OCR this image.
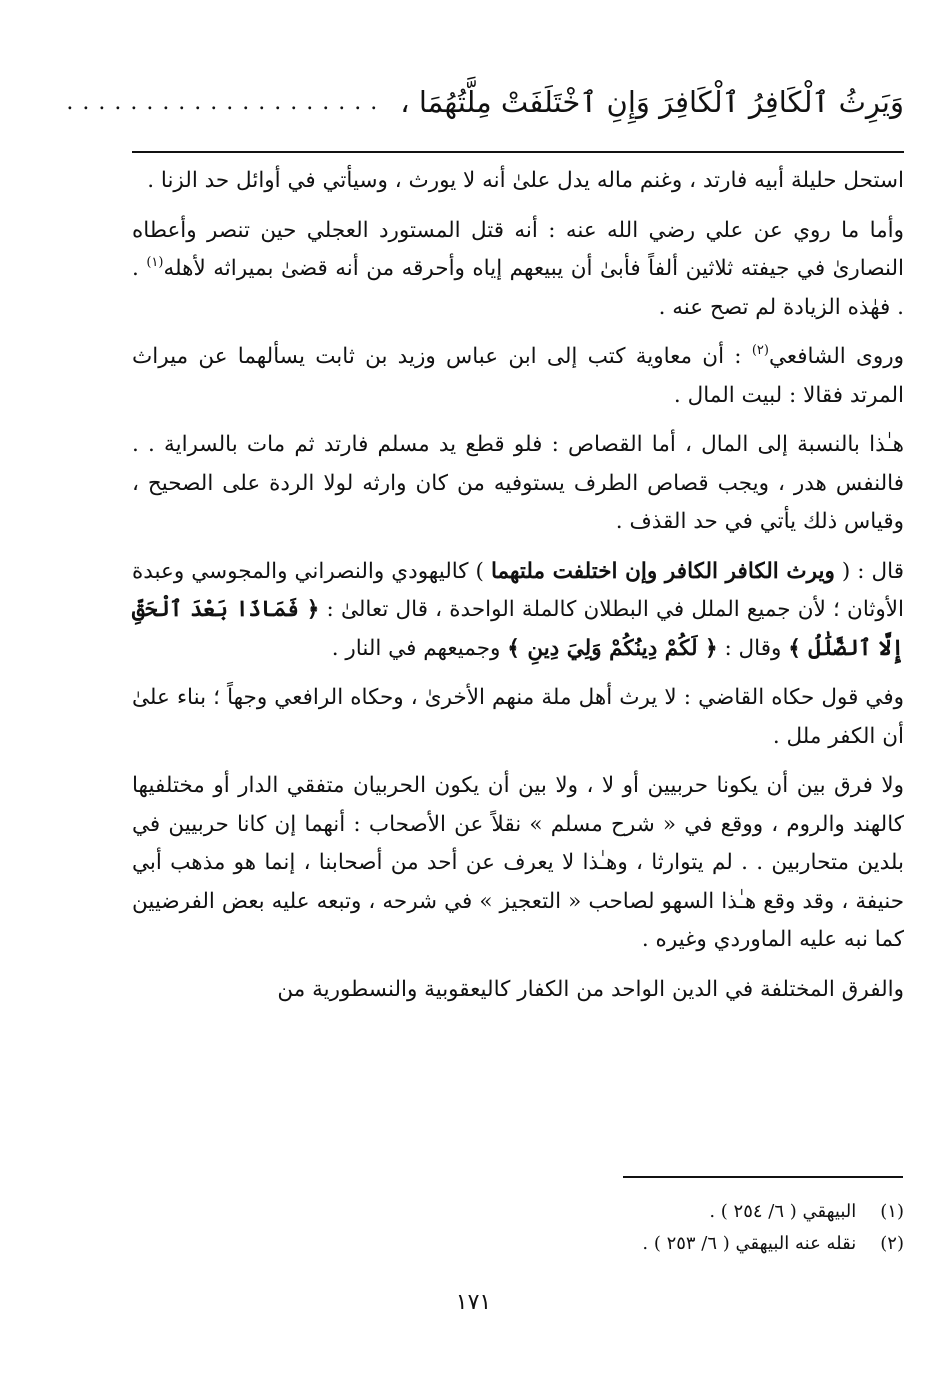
وَيَرِثُ ٱلْكَافِرُ ٱلْكَافِرَ وَإِنِ ٱخْتَلَفَتْ مِلَّتُهُمَا ،
....................

استحل حليلة أبيه فارتد ، وغنم ماله يدل علىٰ أنه لا يورث ، وسيأتي في أوائل حد الزنا .

وأما ما روي عن علي رضي الله عنه : أنه قتل المستورد العجلي حين تنصر وأعطاه النصارىٰ في جيفته ثلاثين ألفاً فأبىٰ أن يبيعهم إياه وأحرقه من أنه قضىٰ بميراثه لأهله$^{(١)}$ . . فهٰذه الزيادة لم تصح عنه .

وروى الشافعي$^{(٢)}$ : أن معاوية كتب إلى ابن عباس وزيد بن ثابت يسألهما عن ميراث المرتد فقالا : لبيت المال .

هـٰذا بالنسبة إلى المال ، أما القصاص : فلو قطع يد مسلم فارتد ثم مات بالسراية . . فالنفس هدر ، ويجب قصاص الطرف يستوفيه من كان وارثه لولا الردة على الصحيح ، وقياس ذلك يأتي في حد القذف .

قال : ( ويرث الكافر الكافر وإن اختلفت ملتهما ) كاليهودي والنصراني والمجوسي وعبدة الأوثان ؛ لأن جميع الملل في البطلان كالملة الواحدة ، قال تعالىٰ : ﴿ فَمَاذَا بَعْدَ ٱلْحَقِّ إِلَّا ٱلضَّلَٰلُ ﴾ وقال : ﴿ لَكُمْ دِينُكُمْ وَلِيَ دِينِ ﴾ وجميعهم في النار .

وفي قول حكاه القاضي : لا يرث أهل ملة منهم الأخرىٰ ، وحكاه الرافعي وجهاً ؛ بناء علىٰ أن الكفر ملل .

ولا فرق بين أن يكونا حربيين أو لا ، ولا بين أن يكون الحربيان متفقي الدار أو مختلفيها كالهند والروم ، ووقع في « شرح مسلم » نقلاً عن الأصحاب : أنهما إن كانا حربيين في بلدين متحاربين . . لم يتوارثا ، وهـٰذا لا يعرف عن أحد من أصحابنا ، إنما هو مذهب أبي حنيفة ، وقد وقع هـٰذا السهو لصاحب « التعجيز » في شرحه ، وتبعه عليه بعض الفرضيين كما نبه عليه الماوردي وغيره .

والفرق المختلفة في الدين الواحد من الكفار كاليعقوبية والنسطورية من

(١) البيهقي ( ٦/ ٢٥٤ ) .
(٢) نقله عنه البيهقي ( ٦/ ٢٥٣ ) .
١٧١
